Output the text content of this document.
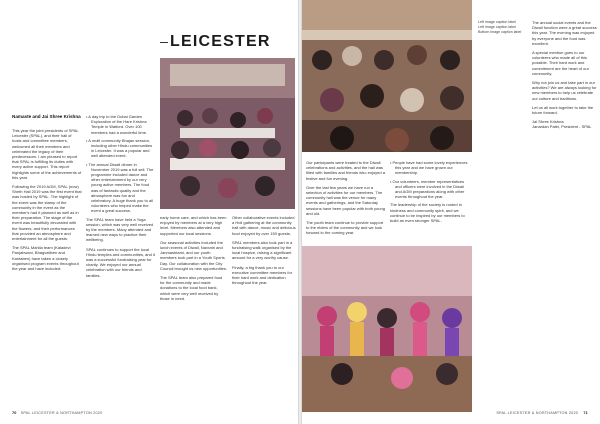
LEICESTER
Namaste and Jai Shree Krishna

This year the joint presidents of SPAL Leicester (SPAL), and their hall of hosts and committee members, welcomed all their members and celebrated the legacy of their predecessors. I am pleased to report that SPAL is fulfilling its duties with every active support. This report highlights some of the achievements of this year.

Following the 2019 AGM, SPAL (now) Sheth Hall 2019 was the first event that was hosted by SPAL. The highlight of the event was the stamp of the community in the event as the member's had it planned as well as in their preparation. The stage of the event was beautifully decorated with the flowers, and their performances that provided an atmosphere and entertainment for all the guests.

The SPAL Mahila team (Kaladevi Panjabwani, Bhagvatiben and Kantaben) have taken a closely organised program events throughout the year and have included:

• A day trip to the Dubai Garden Exploration of the Hare Krishna Temple in Watford. Over 100 members had a wonderful time.

• A multi community Bhajan session, including other Hindu communities in Leicester. It was a popular and well attended event.

• The annual Diwali dinner in November 2019 was a full sell. The programme included dance and other entertainment by our very young active members. The food was of fantastic quality and the atmosphere was fun and celebratory. A huge thank you to all volunteers who helped make the event a great success.

The SPAL team have held a Yoga session, which was very well received by the members. Many attended and learned new ways to practice their wellbeing.

SPAL continues to support the local Hindu temples and communities, and it was a successful fundraising year for charity. We enjoyed our annual celebration with our friends and families.

early home care, and which has been enjoyed by members at a very high level. Members also attended and supported our local sessions.

Our seasonal activities included the lunch events of Diwali, Navratri and Janmashtami, and our youth members took part in a Youth Sports Day. Our collaboration with the City Council brought us new opportunities.

The SPAL team also prepared food for the community and made donations to the local food bank, which were very well received by those in need.

Other collaborative events included a Holi gathering at the community hall with dance, music and delicious food enjoyed by over 150 guests.

SPAL members also took part in a fundraising walk organised by the local hospice, raising a significant amount for a very worthy cause.

Finally, a big thank you to our executive committee members for their hard work and dedication throughout the year.

70 SPAL LEICESTER & NORTHAMPTON 2020
Left image caption label
Left image caption label
Bottom image caption label

The annual social events and the Diwali function were a great success this year. The evening was enjoyed by everyone and the food was excellent.

A special mention goes to our volunteers who made all of this possible. Their hard work and commitment are the heart of our community.

Why not join us and take part in our activities? We are always looking for new members to help us celebrate our culture and traditions.

Let us all work together to take the future forward.

Jai Shree Krishna
Janardan Patel, President - SPAL

Our participants were treated to the Diwali celebrations and activities, and the hall was filled with families and friends who enjoyed a festive and fun evening.

Over the last few years we have run a selection of activities for our members. The community hall was the venue for many events and gatherings, and the Saturday sessions have been popular with both young and old.

The youth team continue to provide support to the elders of the community and we look forward to the coming year.

• People have had some lovely experiences this year and we have grown our membership.

• Our volunteers, member representatives and officers were involved in the Diwali and AGM preparations along with other events throughout the year.

The leadership of the society is rooted in kindness and community spirit, and we continue to be inspired by our members to build an even stronger SPAL.

SPAL LEICESTER & NORTHAMPTON 2020 71
